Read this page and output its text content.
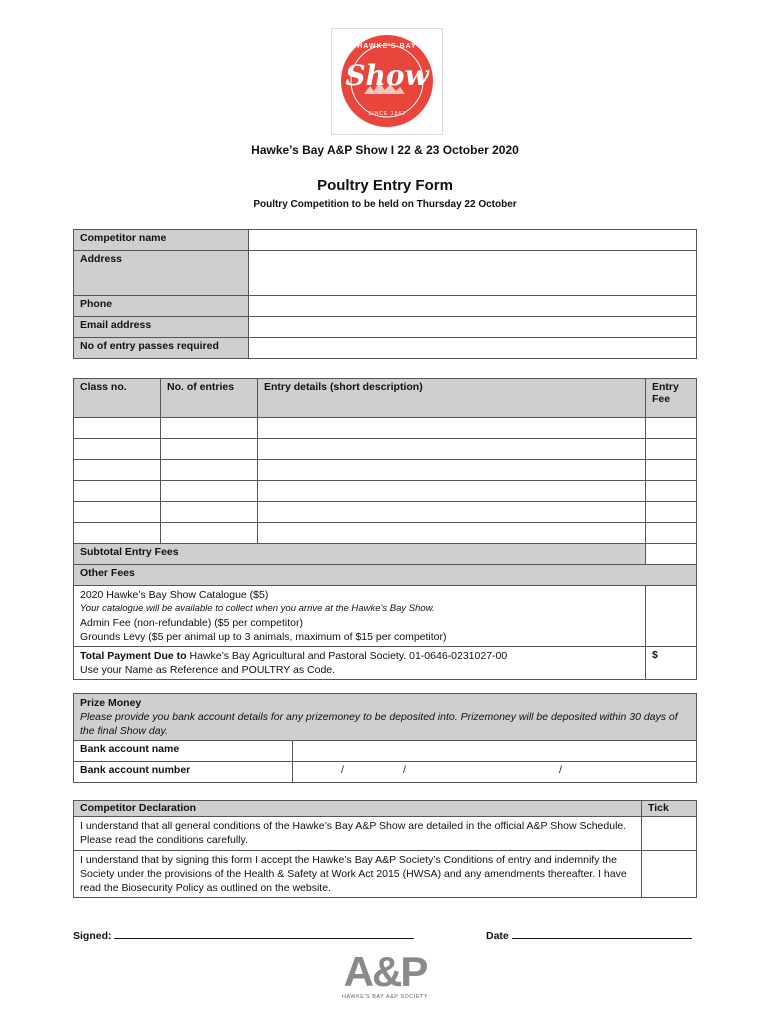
HAWKE'S BAY
Show
SINCE 1863
Hawke’s Bay A&P Show I 22 & 23 October 2020
Poultry Entry Form
Poultry Competition to be held on Thursday 22 October
Competitor name	
Address	
Phone	
Email address	
No of entry passes required	
Class no.	No. of entries	Entry details (short description)	Entry
Fee

Subtotal Entry Fees			
Other Fees			

2020 Hawke’s Bay Show Catalogue ($5)
Your catalogue will be available to collect when you arrive at the Hawke’s Bay Show.
Admin Fee (non-refundable) ($5 per competitor)
Grounds Levy ($5 per animal up to 3 animals, maximum of $15 per competitor)			

Total Payment Due to Hawke’s Bay Agricultural and Pastoral Society. 01-0646-0231027-00
Use your Name as Reference and POULTRY as Code.			$
Prize Money
Please provide you bank account details for any prizemoney to be deposited into. Prizemoney will be deposited within 30 days of the final Show day.	

Bank account name	
Bank account number	/ / /
Competitor Declaration	Tick
I understand that all general conditions of the Hawke’s Bay A&P Show are detailed in the official A&P Show Schedule. Please read the conditions carefully.	
I understand that by signing this form I accept the Hawke’s Bay A&P Society’s Conditions of entry and indemnify the Society under the provisions of the Health & Safety at Work Act 2015 (HWSA) and any amendments thereafter. I have read the Biosecurity Policy as outlined on the website.	
Signed:	Date
A&P
HAWKE'S BAY A&P SOCIETY
